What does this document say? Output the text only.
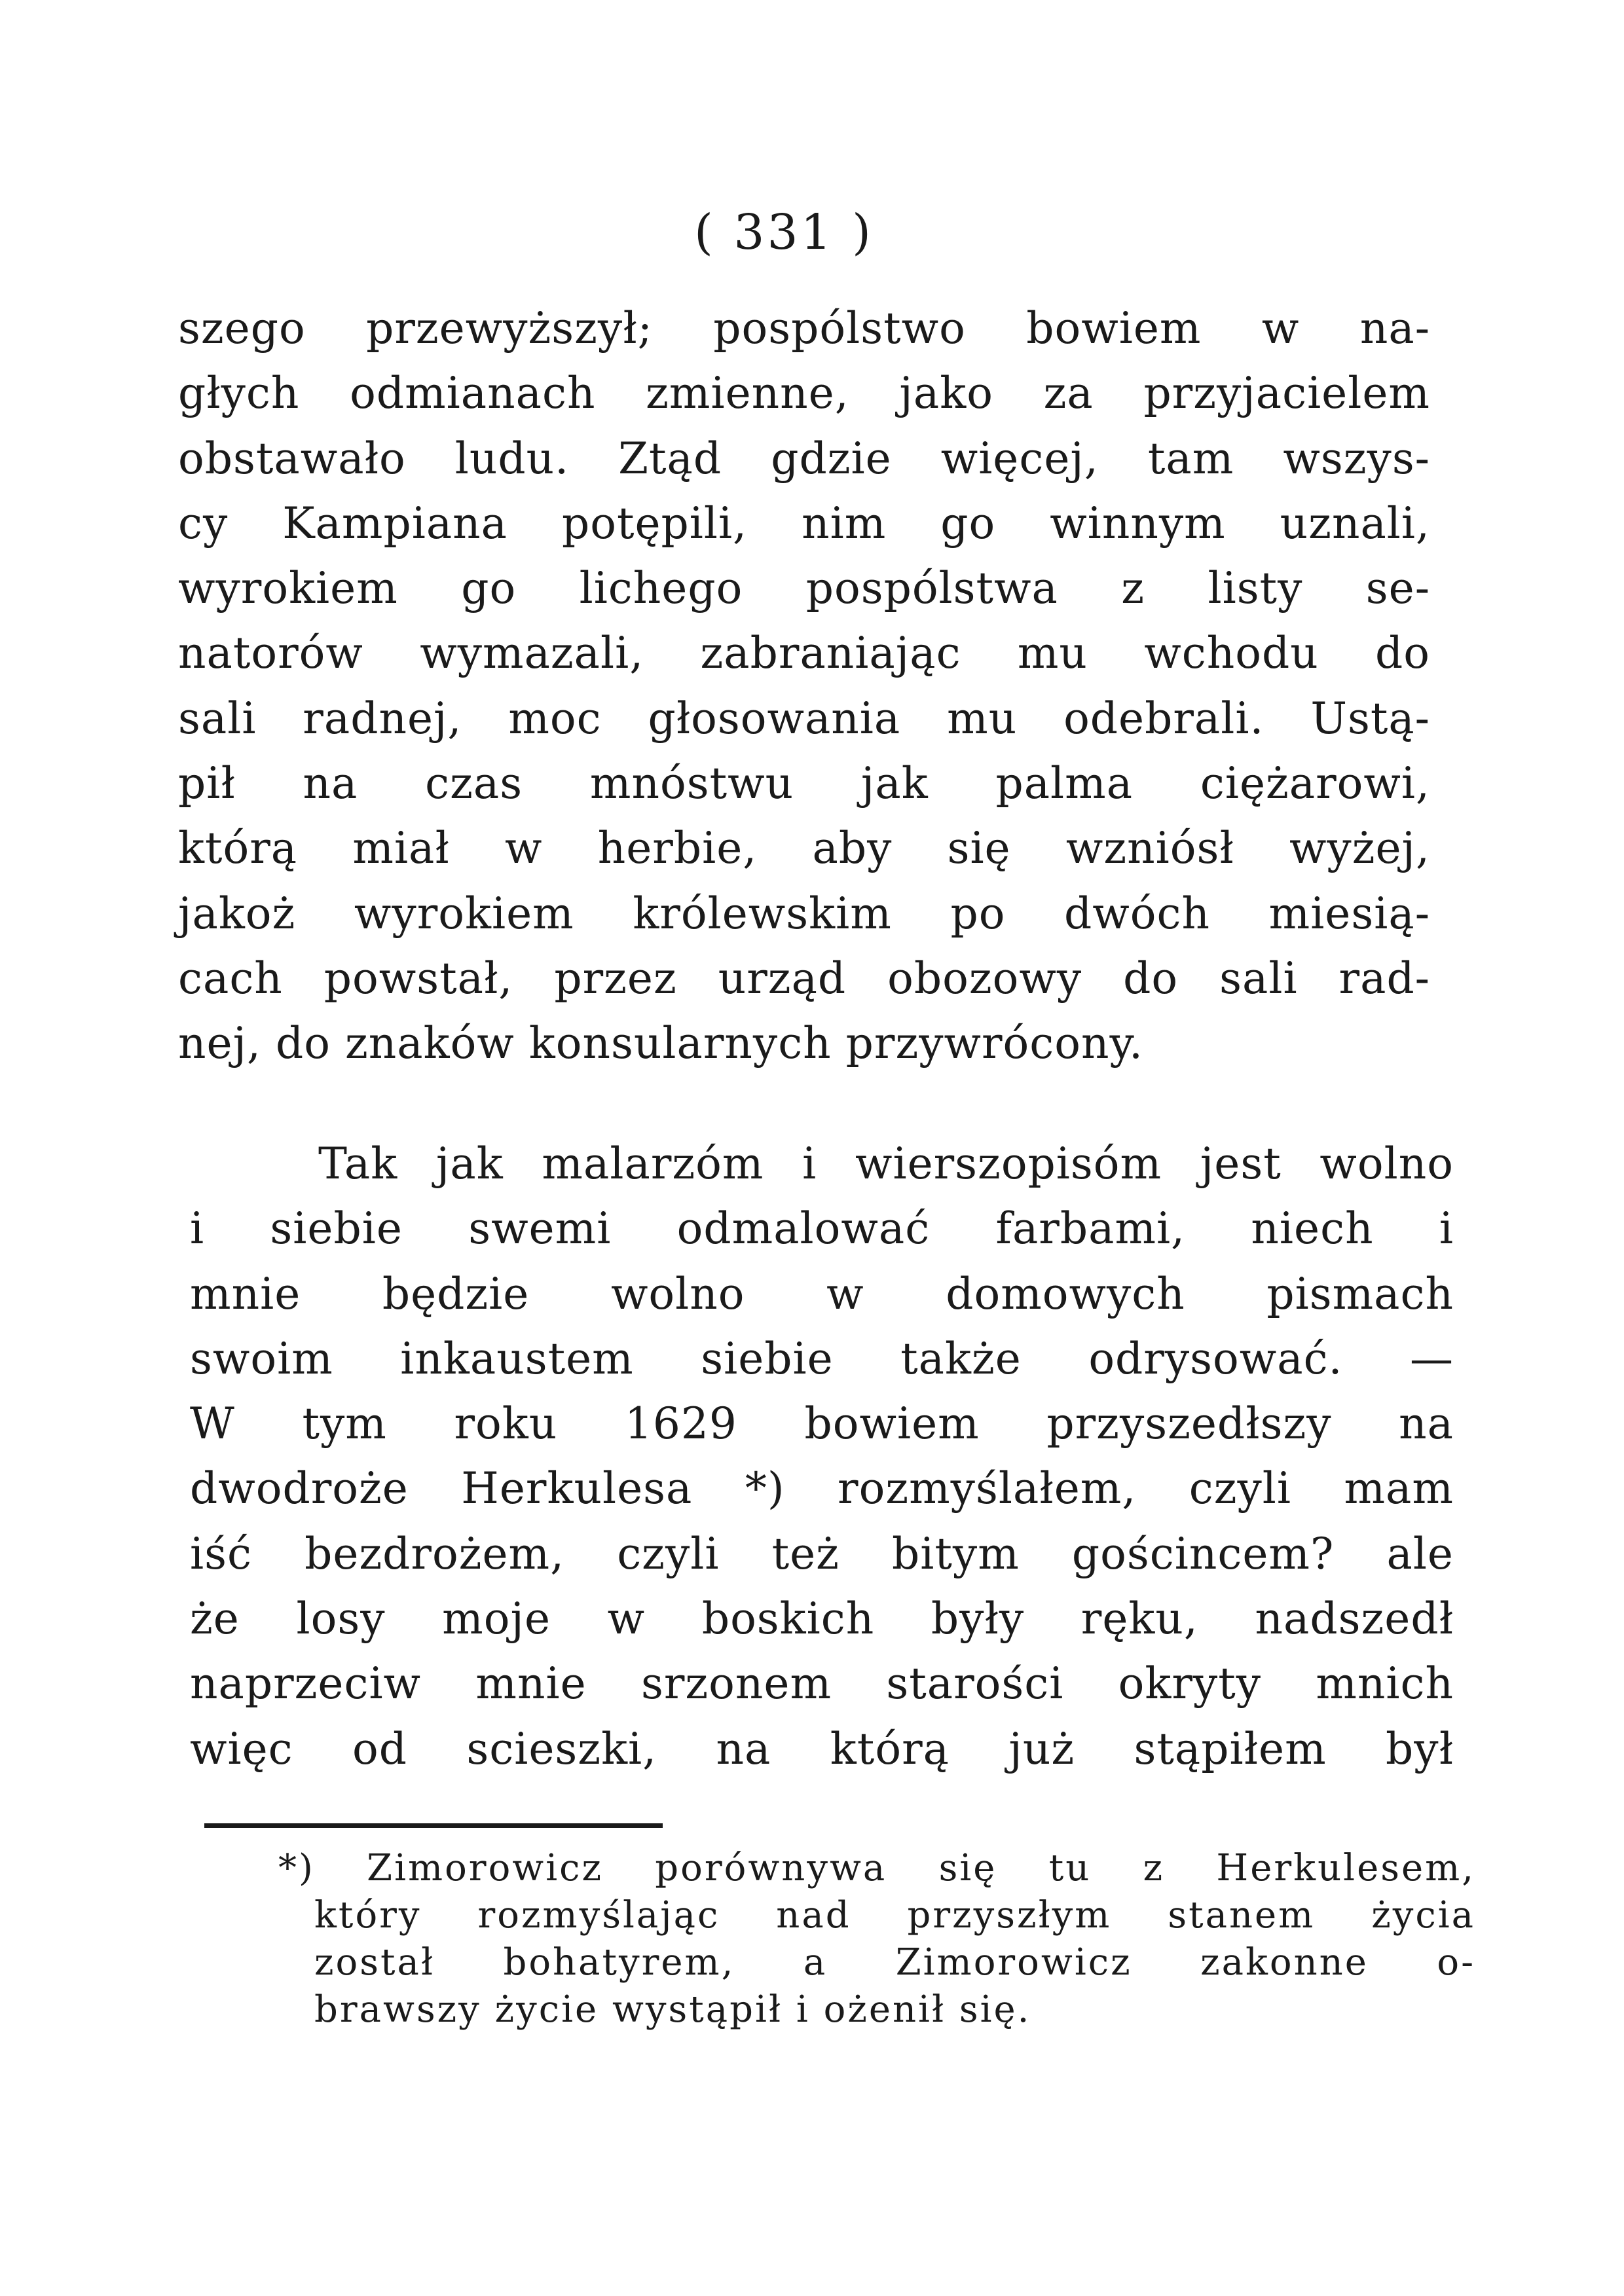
( 331 )
szego przewyższył; pospólstwo bowiem w na-
głych odmianach zmienne, jako za przyjacielem
obstawało ludu. Ztąd gdzie więcej, tam wszys-
cy Kampiana potępili, nim go winnym uznali,
wyrokiem go lichego pospólstwa z listy se-
natorów wymazali, zabraniając mu wchodu do
sali radnej, moc głosowania mu odebrali. Ustą-
pił na czas mnóstwu jak palma ciężarowi,
którą miał w herbie, aby się wzniósł wyżej,
jakoż wyrokiem królewskim po dwóch miesią-
cach powstał, przez urząd obozowy do sali rad-
nej, do znaków konsularnych przywrócony.
Tak jak malarzóm i wierszopisóm jest wolno
i siebie swemi odmalować farbami, niech i
mnie będzie wolno w domowych pismach
swoim inkaustem siebie także odrysować. —
W tym roku 1629 bowiem przyszedłszy na
dwodroże Herkulesa *) rozmyślałem, czyli mam
iść bezdrożem, czyli też bitym gościncem? ale
że losy moje w boskich były ręku, nadszedł
naprzeciw mnie srzonem starości okryty mnich
więc od scieszki, na którą już stąpiłem był
*) Zimorowicz porównywa się tu z Herkulesem,
który rozmyślając nad przyszłym stanem życia
został bohatyrem, a Zimorowicz zakonne o-
brawszy życie wystąpił i ożenił się.
